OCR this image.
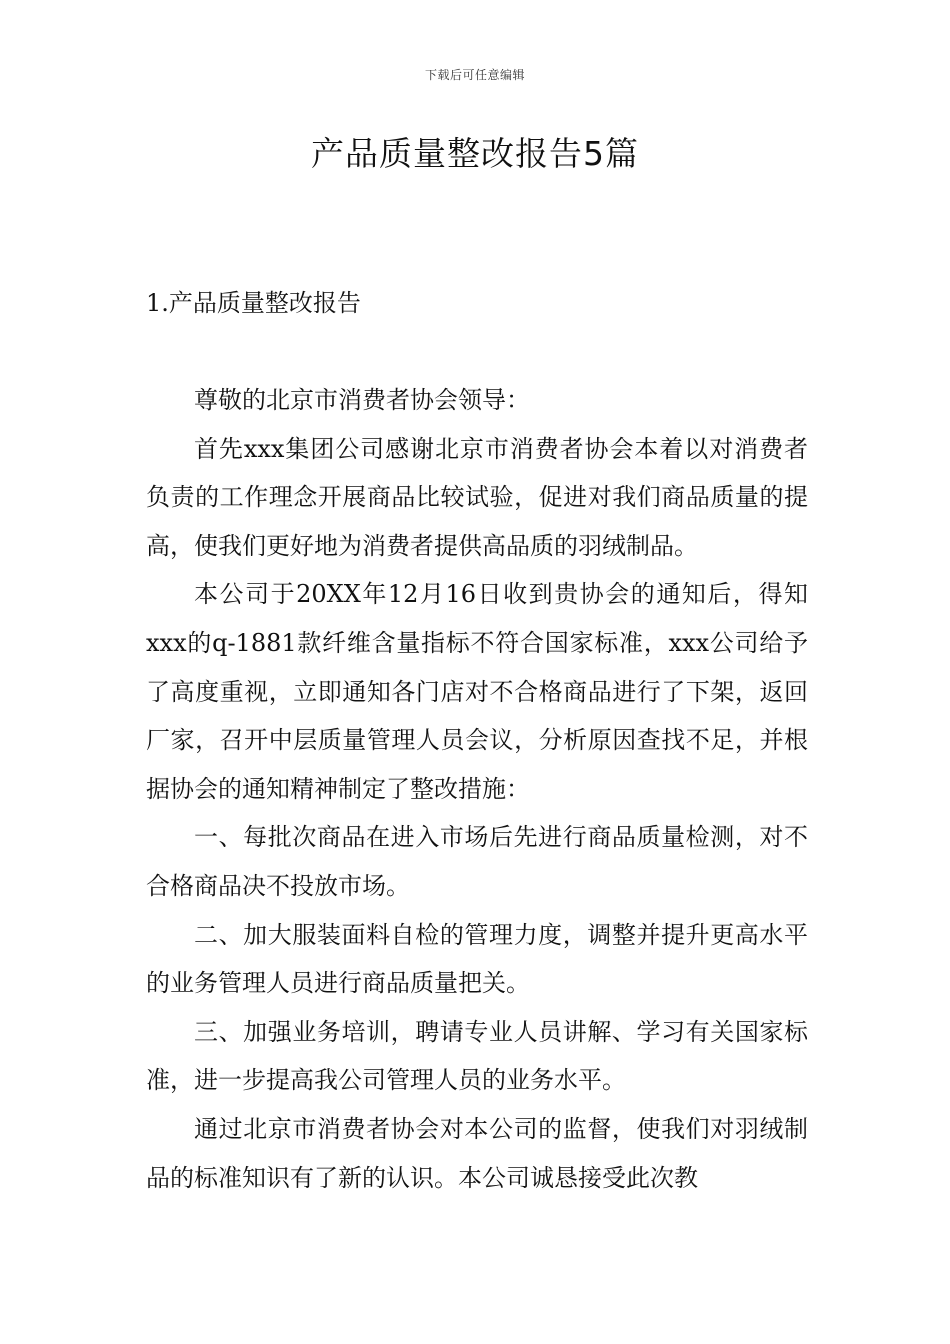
下载后可任意编辑
产品质量整改报告5篇
1.产品质量整改报告

尊敬的北京市消费者协会领导：

首先xxx集团公司感谢北京市消费者协会本着以对消费者负责的工作理念开展商品比较试验，促进对我们商品质量的提高，使我们更好地为消费者提供高品质的羽绒制品。

本公司于20XX年12月16日收到贵协会的通知后，得知xxx的q-1881款纤维含量指标不符合国家标准，xxx公司给予了高度重视，立即通知各门店对不合格商品进行了下架，返回厂家，召开中层质量管理人员会议，分析原因查找不足，并根据协会的通知精神制定了整改措施：

一、每批次商品在进入市场后先进行商品质量检测，对不合格商品决不投放市场。

二、加大服装面料自检的管理力度，调整并提升更高水平的业务管理人员进行商品质量把关。

三、加强业务培训，聘请专业人员讲解、学习有关国家标准，进一步提高我公司管理人员的业务水平。

通过北京市消费者协会对本公司的监督，使我们对羽绒制品的标准知识有了新的认识。本公司诚恳接受此次教
